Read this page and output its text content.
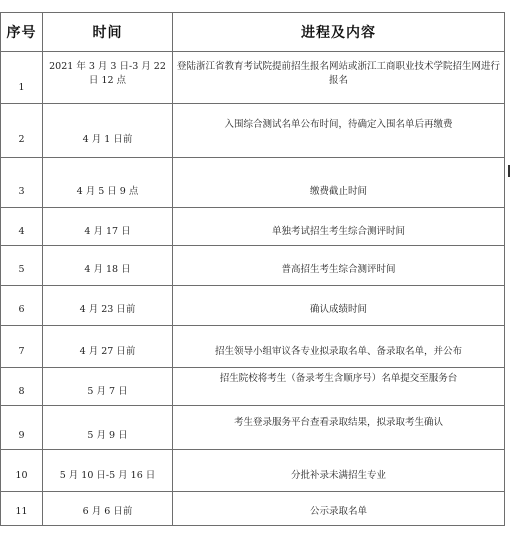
序号	时间	进程及内容
1	2021 年 3 月 3 日-3 月 22 日 12 点	登陆浙江省教育考试院提前招生报名网站或浙江工商职业技术学院招生网进行报名

2	4 月 1 日前	入围综合测试名单公布时间，待确定入围名单后再缴费
3	4 月 5 日 9 点	缴费截止时间
4	4 月 17 日	单独考试招生考生综合测评时间
5	4 月 18 日	普高招生考生综合测评时间
6	4 月 23 日前	确认成绩时间
7	4 月 27 日前	招生领导小组审议各专业拟录取名单、备录取名单，并公布
8	5 月 7 日	招生院校将考生（备录考生含顺序号）名单提交至服务台
9	5 月 9 日	考生登录服务平台查看录取结果，拟录取考生确认
10	5 月 10 日-5 月 16 日	分批补录未满招生专业
11	6 月 6 日前	公示录取名单
